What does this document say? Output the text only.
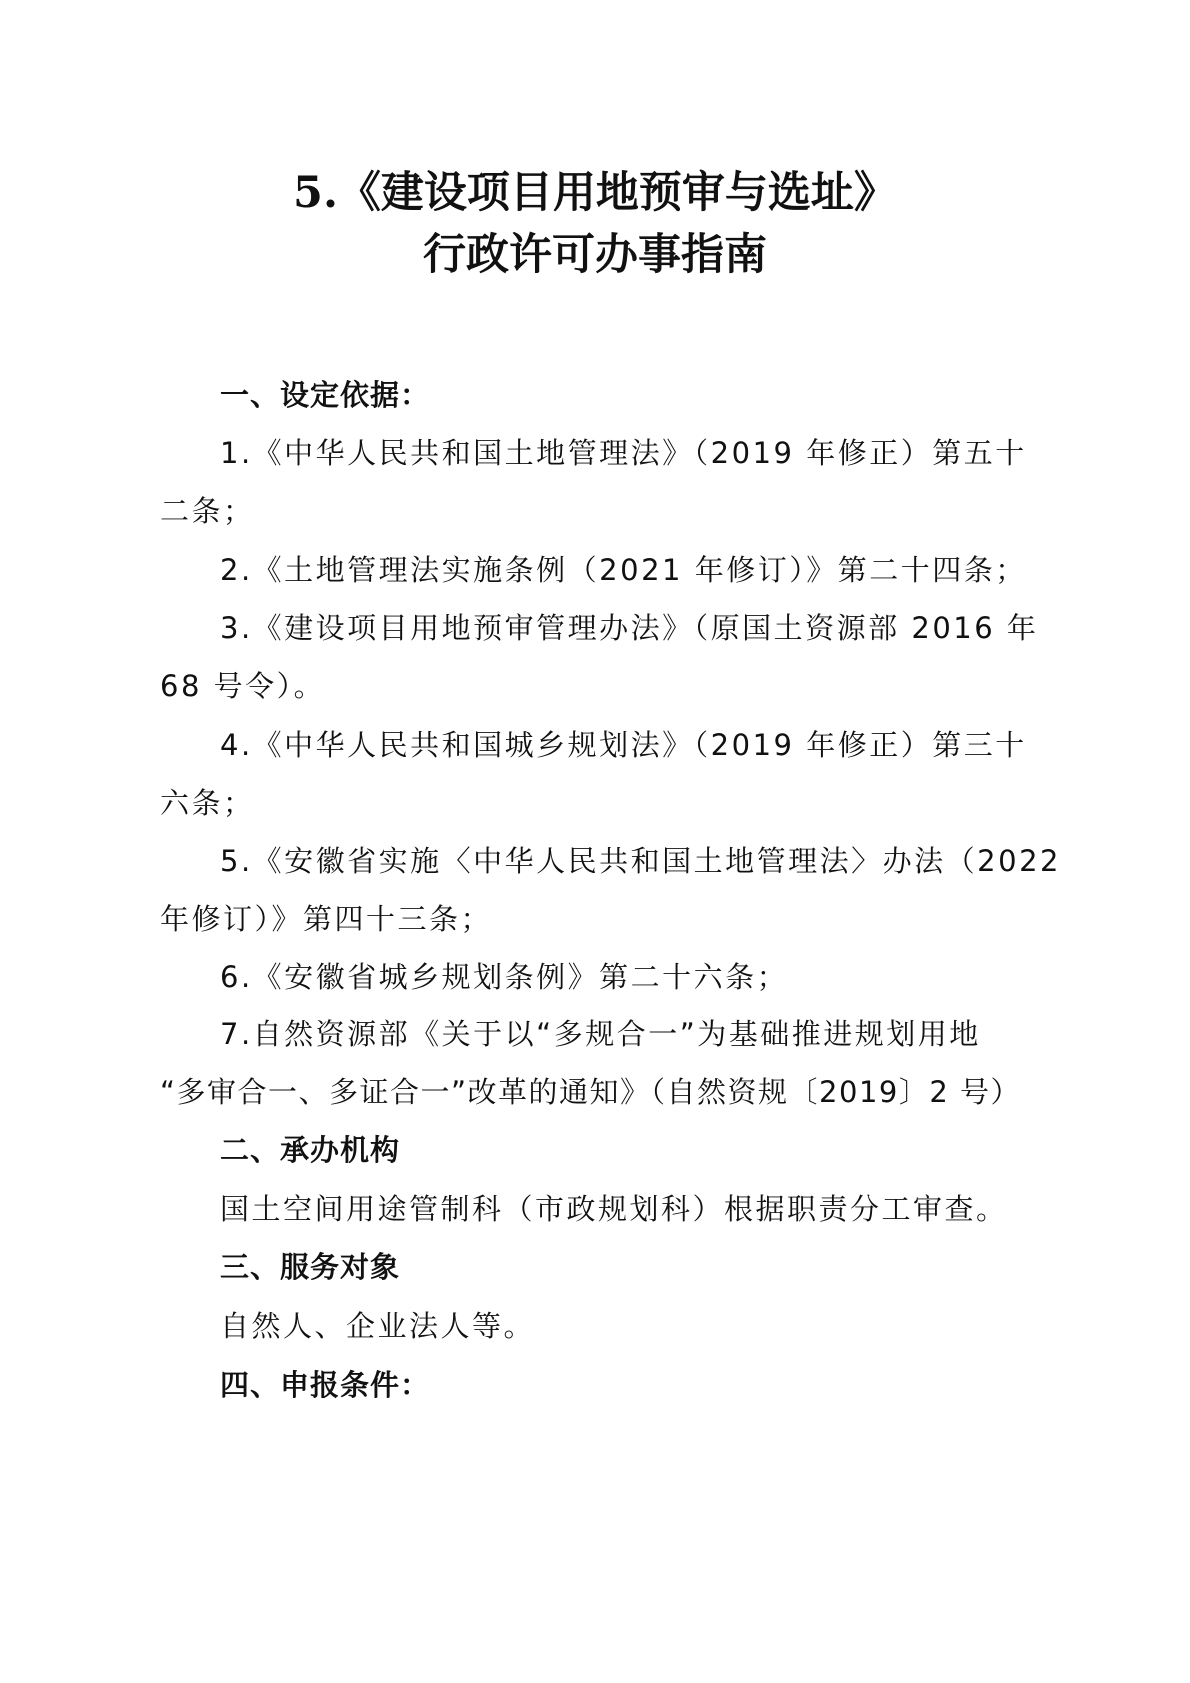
5.《建设项目用地预审与选址》
行政许可办事指南
一、设定依据：
1.《中华人民共和国土地管理法》（2019 年修正）第五十
二条；
2.《土地管理法实施条例（2021 年修订）》第二十四条；
3.《建设项目用地预审管理办法》（原国土资源部 2016 年
68 号令）。
4.《中华人民共和国城乡规划法》（2019 年修正）第三十
六条；
5.《安徽省实施〈中华人民共和国土地管理法〉办法（2022
年修订）》第四十三条；
6.《安徽省城乡规划条例》第二十六条；
7.自然资源部《关于以“多规合一”为基础推进规划用地
“多审合一、多证合一”改革的通知》（自然资规〔2019〕2 号）
二、承办机构
国土空间用途管制科（市政规划科）根据职责分工审查。
三、服务对象
自然人、企业法人等。
四、申报条件：
